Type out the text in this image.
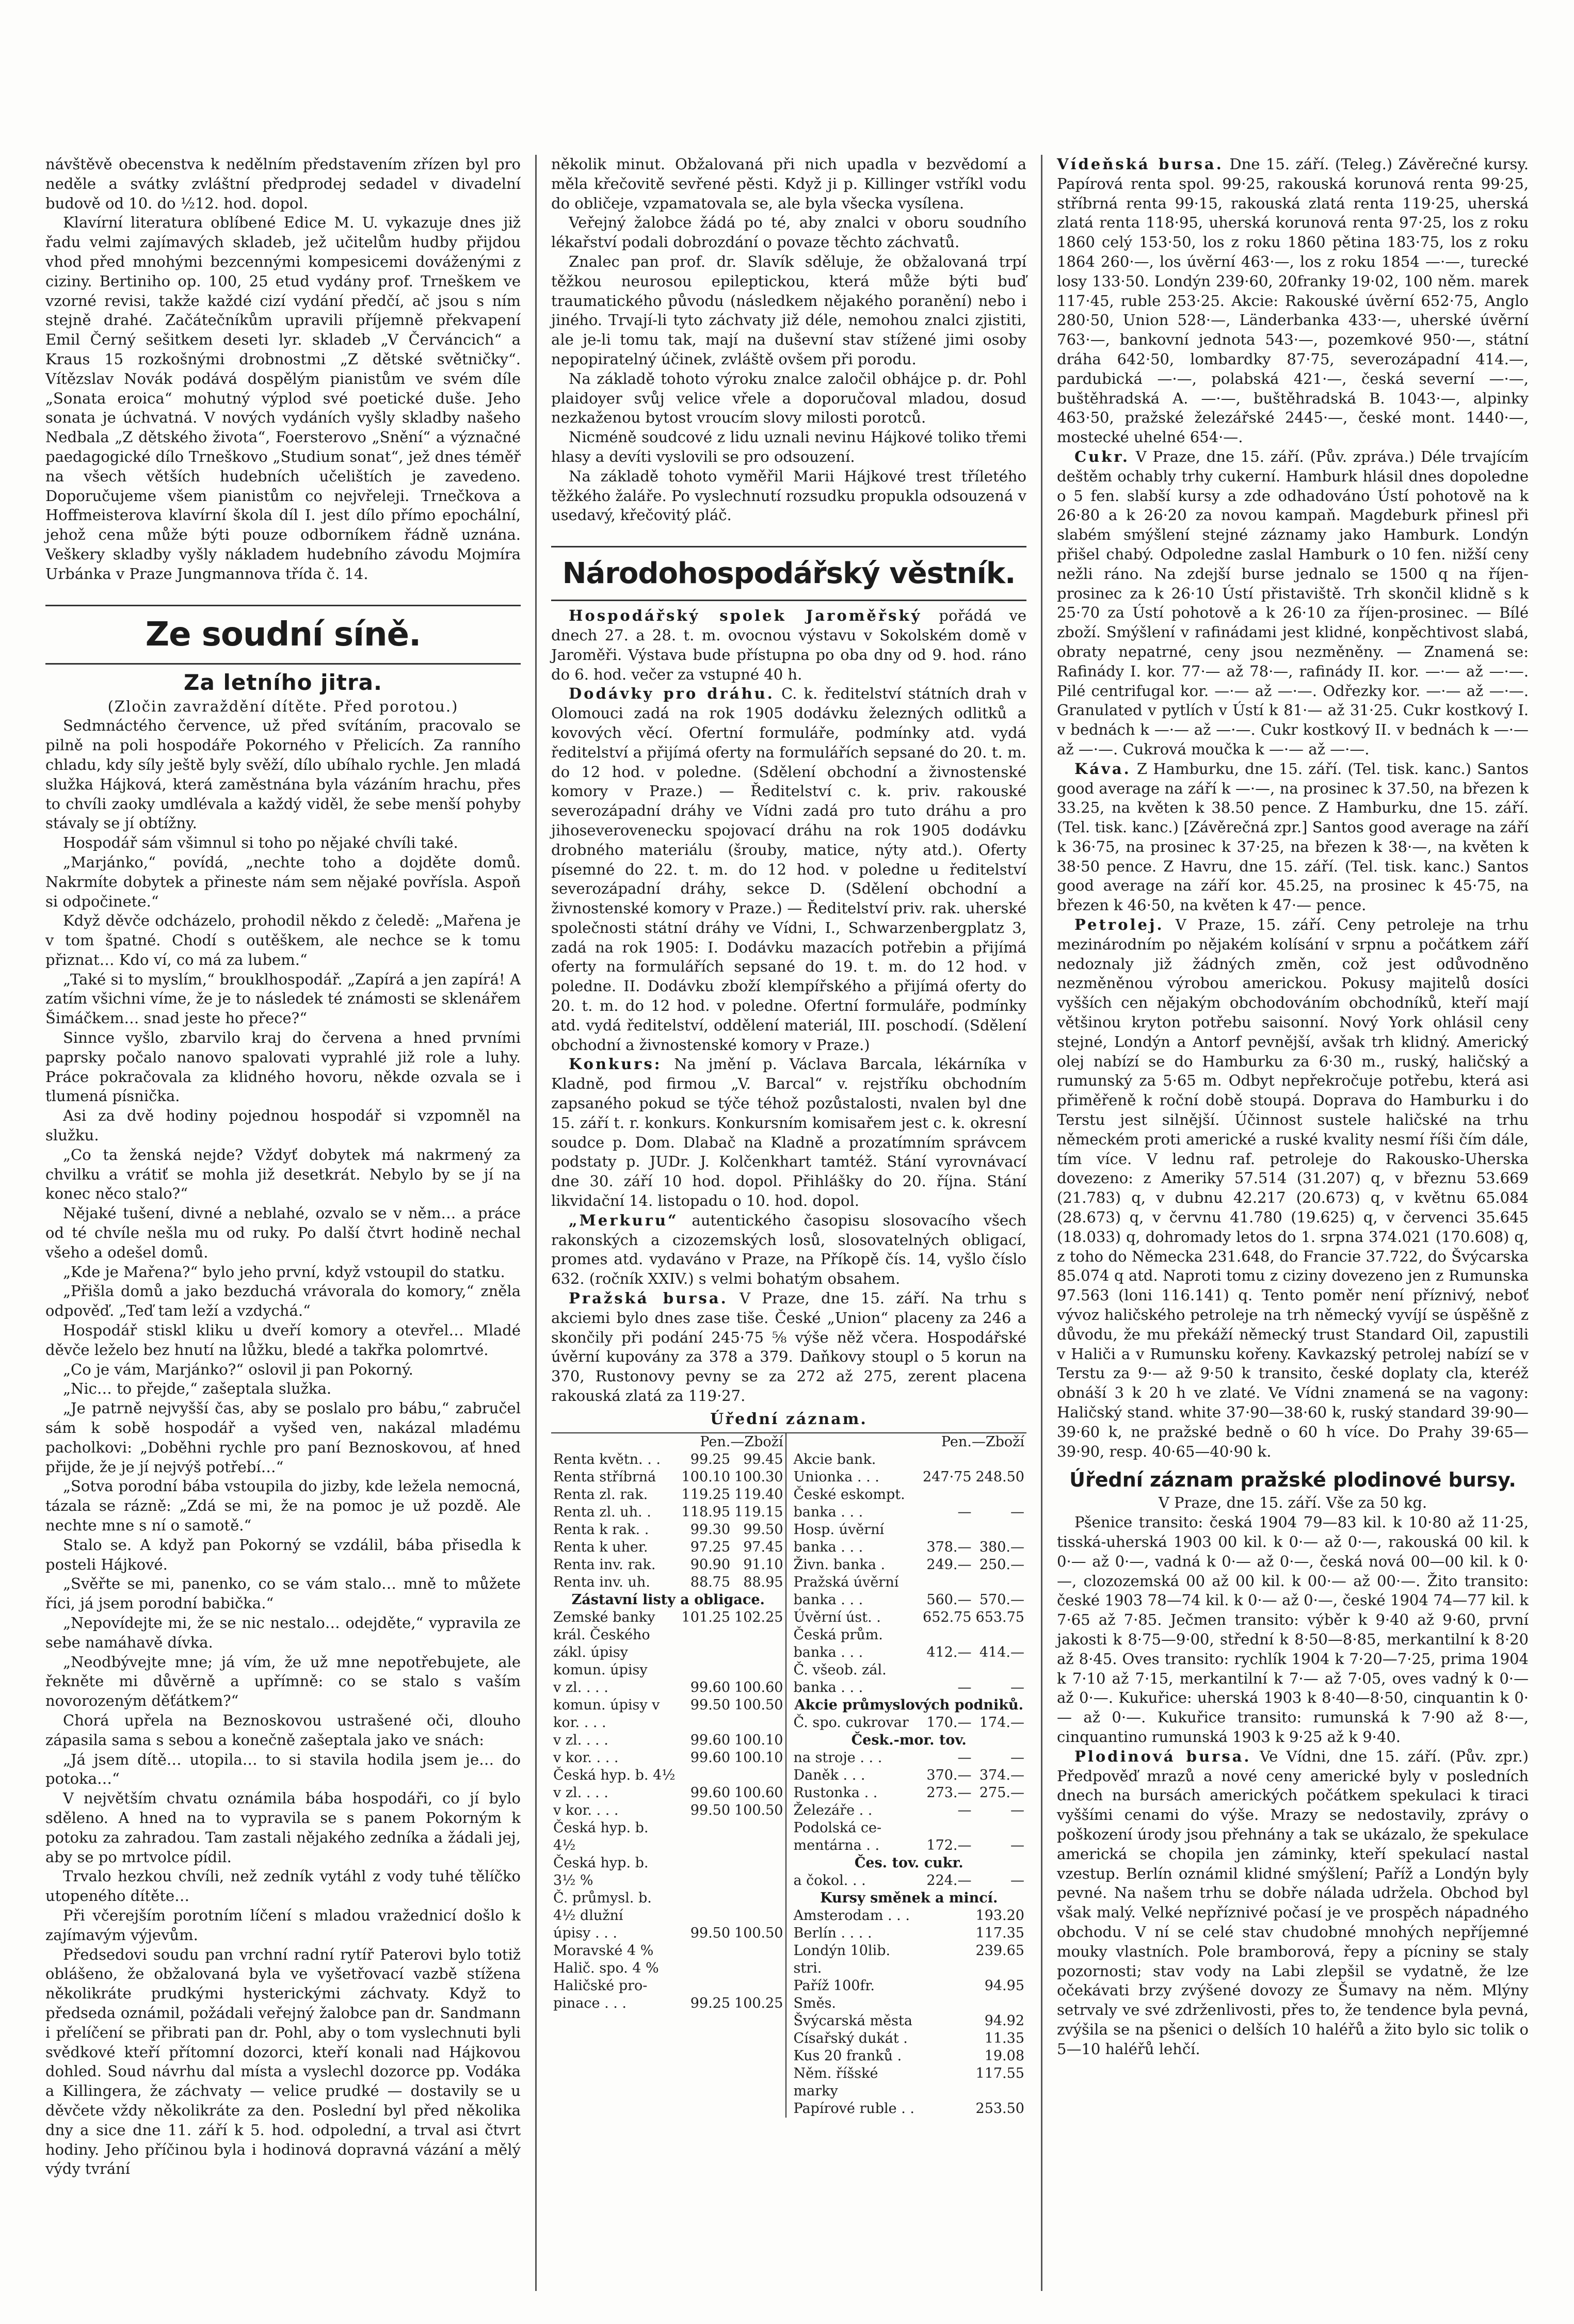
návštěvě obecenstva k nedělním představením zřízen byl pro neděle a svátky zvláštní předprodej sedadel v divadelní budově od 10. do ½12. hod. dopol.

Klavírní literatura oblíbené Edice M. U. vykazuje dnes již řadu velmi zajímavých skladeb, jež učitelům hudby přijdou vhod před mnohými bezcennými kompesicemi dováženými z ciziny. Bertiniho op. 100, 25 etud vydány prof. Trneškem ve vzorné revisi, takže každé cizí vydání předčí, ač jsou s ním stejně drahé. Začátečníkům upravili příjemně překvapení Emil Černý sešitkem deseti lyr. skladeb „V Červáncich“ a Kraus 15 rozkošnými drobnostmi „Z dětské světničky“. Vítězslav Novák podává dospělým pianistům ve svém díle „Sonata eroica“ mohutný výplod své poetické duše. Jeho sonata je úchvatná. V nových vydáních vyšly skladby našeho Nedbala „Z dětského života“, Foersterovo „Snění“ a význačné paedagogické dílo Trneškovo „Studium sonat“, jež dnes téměř na všech větších hudebních učelištích je zavedeno. Doporučujeme všem pianistům co nejvřeleji. Trnečkova a Hoffmeisterova klavírní škola díl I. jest dílo přímo epochální, jehož cena může býti pouze odborníkem řádně uznána. Veškery skladby vyšly nákladem hudebního závodu Mojmíra Urbánka v Praze Jungmannova třída č. 14.

Ze soudní síně.
Za letního jitra.

(Zločin zavraždění dítěte. Před porotou.)

Sedmnáctého července, už před svítáním, pracovalo se pilně na poli hospodáře Pokorného v Přelicích. Za ranního chladu, kdy síly ještě byly svěží, dílo ubíhalo rychle. Jen mladá služka Hájková, která zaměstnána byla vázáním hrachu, přes to chvíli zaoky umdlévala a každý viděl, že sebe menší pohyby stávaly se jí obtížny.

Hospodář sám všimnul si toho po nějaké chvíli také.

„Marjánko,“ povídá, „nechte toho a dojděte domů. Nakrmíte dobytek a přineste nám sem nějaké povřísla. Aspoň si odpočinete.“

Když děvče odcházelo, prohodil někdo z čeledě: „Mařena je v tom špatné. Chodí s outěškem, ale nechce se k tomu přiznat… Kdo ví, co má za lubem.“

„Také si to myslím,“ brouklhospodář. „Zapírá a jen zapírá! A zatím všichni víme, že je to následek té známosti se sklenářem Šimáčkem… snad jeste ho přece?“

Sinnce vyšlo, zbarvilo kraj do červena a hned prvními paprsky počalo nanovo spalovati vyprahlé již role a luhy. Práce pokračovala za klidného hovoru, někde ozvala se i tlumená písnička.

Asi za dvě hodiny pojednou hospodář si vzpomněl na služku.

„Co ta ženská nejde? Vždyť dobytek má nakrmený za chvilku a vrátiť se mohla již desetkrát. Nebylo by se jí na konec něco stalo?“

Nějaké tušení, divné a neblahé, ozvalo se v něm… a práce od té chvíle nešla mu od ruky. Po další čtvrt hodině nechal všeho a odešel domů.

„Kde je Mařena?“ bylo jeho první, když vstoupil do statku.

„Přišla domů a jako bezduchá vrávorala do komory,“ zněla odpověď. „Teď tam leží a vzdychá.“

Hospodář stiskl kliku u dveří komory a otevřel… Mladé děvče leželo bez hnutí na lůžku, bledé a takřka polomrtvé.

„Co je vám, Marjánko?“ oslovil ji pan Pokorný.

„Nic… to přejde,“ zašeptala služka.

„Je patrně nejvyšší čas, aby se poslalo pro bábu,“ zabručel sám k sobě hospodář a vyšed ven, nakázal mladému pacholkovi: „Doběhni rychle pro paní Beznoskovou, ať hned přijde, že je jí nejvýš potřebí…“

„Sotva porodní bába vstoupila do jizby, kde ležela nemocná, tázala se rázně: „Zdá se mi, že na pomoc je už pozdě. Ale nechte mne s ní o samotě.“

Stalo se. A když pan Pokorný se vzdálil, bába přisedla k posteli Hájkové.

„Svěřte se mi, panenko, co se vám stalo… mně to můžete říci, já jsem porodní babička.“

„Nepovídejte mi, že se nic nestalo… odejděte,“ vypravila ze sebe namáhavě dívka.

„Neodbývejte mne; já vím, že už mne nepotřebujete, ale řekněte mi důvěrně a upřímně: co se stalo s vaším novorozeným děťátkem?“

Chorá upřela na Beznoskovou ustrašené oči, dlouho zápasila sama s sebou a konečně zašeptala jako ve snách:

„Já jsem dítě… utopila… to si stavila hodila jsem je… do potoka…“

V největším chvatu oznámila bába hospodáři, co jí bylo sděleno. A hned na to vypravila se s panem Pokorným k potoku za zahradou. Tam zastali nějakého zedníka a žádali jej, aby se po mrtvolce pídil.

Trvalo hezkou chvíli, než zedník vytáhl z vody tuhé tělíčko utopeného dítěte…

Při včerejším porotním líčení s mladou vražednicí došlo k zajímavým výjevům.

Předsedovi soudu pan vrchní radní rytíř Paterovi bylo totiž oblášeno, že obžalovaná byla ve vyšetřovací vazbě stížena několikráte prudkými hysterickými záchvaty. Když to předseda oznámil, požádali veřejný žalobce pan dr. Sandmann i přelíčení se přibrati pan dr. Pohl, aby o tom vyslechnuti byli svědkové kteří přítomní dozorci, kteří konali nad Hájkovou dohled. Soud návrhu dal místa a vyslechl dozorce pp. Vodáka a Killingera, že záchvaty — velice prudké — dostavily se u děvčete vždy několikráte za den. Poslední byl před několika dny a sice dne 11. září k 5. hod. odpolední, a trval asi čtvrt hodiny. Jeho příčinou byla i hodinová dopravná vázání a mělý výdy tvrání

několik minut. Obžalovaná při nich upadla v bezvědomí a měla křečovitě sevřené pěsti. Když ji p. Killinger vstříkl vodu do obličeje, vzpamatovala se, ale byla všecka vysílena.

Veřejný žalobce žádá po té, aby znalci v oboru soudního lékařství podali dobrozdání o povaze těchto záchvatů.

Znalec pan prof. dr. Slavík sděluje, že obžalovaná trpí těžkou neurosou epileptickou, která může býti buď traumatického původu (následkem nějakého poranění) nebo i jiného. Trvají-li tyto záchvaty již déle, nemohou znalci zjistiti, ale je-li tomu tak, mají na duševní stav stížené jimi osoby nepopiratelný účinek, zvláště ovšem při porodu.

Na základě tohoto výroku znalce zaločil obhájce p. dr. Pohl plaidoyer svůj velice vřele a doporučoval mladou, dosud nezkaženou bytost vroucím slovy milosti porotců.

Nicméně soudcové z lidu uznali nevinu Hájkové toliko třemi hlasy a devíti vyslovili se pro odsouzení.

Na základě tohoto vyměřil Marii Hájkové trest tříletého těžkého žaláře. Po vyslechnutí rozsudku propukla odsouzená v usedavý, křečovitý pláč.

Národohospodářský věstník.

Hospodářský spolek Jaroměřský pořádá ve dnech 27. a 28. t. m. ovocnou výstavu v Sokolském domě v Jaroměři. Výstava bude přístupna po oba dny od 9. hod. ráno do 6. hod. večer za vstupné 40 h.

Dodávky pro dráhu. C. k. ředitelství státních drah v Olomouci zadá na rok 1905 dodávku železných odlitků a kovových věcí. Ofertní formuláře, podmínky atd. vydá ředitelství a přijímá oferty na formulářích sepsané do 20. t. m. do 12 hod. v poledne. (Sdělení obchodní a živnostenské komory v Praze.) — Ředitelství c. k. priv. rakouské severozápadní dráhy ve Vídni zadá pro tuto dráhu a pro jihoseverovenecku spojovací dráhu na rok 1905 dodávku drobného materiálu (šrouby, matice, nýty atd.). Oferty písemné do 22. t. m. do 12 hod. v poledne u ředitelství severozápadní dráhy, sekce D. (Sdělení obchodní a živnostenské komory v Praze.) — Ředitelství priv. rak. uherské společnosti státní dráhy ve Vídni, I., Schwarzenbergplatz 3, zadá na rok 1905: I. Dodávku mazacích potřebin a přijímá oferty na formulářích sepsané do 19. t. m. do 12 hod. v poledne. II. Dodávku zboží klempířského a přijímá oferty do 20. t. m. do 12 hod. v poledne. Ofertní formuláře, podmínky atd. vydá ředitelství, oddělení materiál, III. poschodí. (Sdělení obchodní a živnostenské komory v Praze.)

Konkurs: Na jmění p. Václava Barcala, lékárníka v Kladně, pod firmou „V. Barcal“ v. rejstříku obchodním zapsaného pokud se týče téhož pozůstalosti, nvalen byl dne 15. září t. r. konkurs. Konkursním komisařem jest c. k. okresní soudce p. Dom. Dlabač na Kladně a prozatímním správcem podstaty p. JUDr. J. Kolčenkhart tamtéž. Stání vyrovnávací dne 30. září 10 hod. dopol. Přihlášky do 20. října. Stání likvidační 14. listopadu o 10. hod. dopol.

„Merkuru“ autentického časopisu slosovacího všech rakonských a cizozemských losů, slosovatelných obligací, promes atd. vydaváno v Praze, na Příkopě čís. 14, vyšlo číslo 632. (ročník XXIV.) s velmi bohatým obsahem.

Pražská bursa. V Praze, dne 15. září. Na trhu s akciemi bylo dnes zase tiše. České „Union“ placeny za 246 a skončily při podání 245·75 ⅝ výše něž včera. Hospodářské úvěrní kupovány za 378 a 379. Daňkovy stoupl o 5 korun na 370, Rustonovy pevny se za 272 až 275, zerent placena rakouská zlatá za 119·27.

Úřední záznam.
	Pen.—Zboží	
Renta květn. . .	99.25	99.45
Renta stříbrná	100.10	100.30
Renta zl. rak.	119.25	119.40
Renta zl. uh. .	118.95	119.15
Renta k rak. .	99.30	99.50
Renta k uher.	97.25	97.45
Renta inv. rak.	90.90	91.10
Renta inv. uh.	88.75	88.95
Zástavní listy a obligace.		
Zemské banky král. Českého zákl. úpisy	101.25	102.25
komun. úpisy		
v zl. . . .	99.60	100.60
komun. úpisy v kor. . . .	99.50	100.50
v zl. . . .	99.60	100.10
v kor. . . .	99.60	100.10
Česká hyp. b. 4½		
v zl. . . .	99.60	100.60
v kor. . . .	99.50	100.50
Česká hyp. b.		
4½		
Česká hyp. b.		
3½ %		
Č. průmysl. b.		
4½ dlužní		
úpisy . . .	99.50	100.50
Moravské 4 %		
Halič. spo. 4 %		
Haličské pro-		
pinace . . .	99.25	100.25
	Pen.—Zboží	
Akcie bank.		
Unionka . . .	247·75	248.50
České eskompt.		
banka . . .	—	—
Hosp. úvěrní		
banka . . .	378.—	380.—
Živn. banka .	249.—	250.—
Pražská úvěrní		
banka . . .	560.—	570.—
Úvěrní úst. .	652.75	653.75
Česká prům.		
banka . . .	412.—	414.—
Č. všeob. zál.		
banka . . .	—	—
Akcie průmyslových podniků.		
Č. spo. cukrovar	170.—	174.—
Česk.-mor. tov.		
na stroje . . .	—	—
Daněk . . .	370.—	374.—
Rustonka . .	273.—	275.—
Železáře . .	—	—
Podolská ce-		
mentárna . .	172.—	—
Čes. tov. cukr.		
a čokol. . .	224.—	—
Kursy směnek a mincí.		
Amsterodam . . .		193.20
Berlín . . . .		117.35
Londýn 10lib. stri.		239.65
Paříž 100fr. Směs.		94.95
Švýcarská města		94.92
Císařský dukát .		11.35
Kus 20 franků .		19.08
Něm. říšské marky		117.55
Papírové ruble . .		253.50

Vídeňská bursa. Dne 15. září. (Teleg.) Závěrečné kursy. Papírová renta spol. 99·25, rakouská korunová renta 99·25, stříbrná renta 99·15, rakouská zlatá renta 119·25, uherská zlatá renta 118·95, uherská korunová renta 97·25, los z roku 1860 celý 153·50, los z roku 1860 pětina 183·75, los z roku 1864 260·—, los úvěrní 463·—, los z roku 1854 —·—, turecké losy 133·50. Londýn 239·60, 20franky 19·02, 100 něm. marek 117·45, ruble 253·25. Akcie: Rakouské úvěrní 652·75, Anglo 280·50, Union 528·—, Länderbanka 433·—, uherské úvěrní 763·—, bankovní jednota 543·—, pozemkové 950·—, státní dráha 642·50, lombardky 87·75, severozápadní 414.—, pardubická —·—, polabská 421·—, česká severní —·—, buštěhradská A. —·—, buštěhradská B. 1043·—, alpinky 463·50, pražské železářské 2445·—, české mont. 1440·—, mostecké uhelné 654·—.

Cukr. V Praze, dne 15. září. (Pův. zpráva.) Déle trvajícím deštěm ochably trhy cukerní. Hamburk hlásil dnes dopoledne o 5 fen. slabší kursy a zde odhadováno Ústí pohotově na k 26·80 a k 26·20 za novou kampaň. Magdeburk přinesl při slabém smýšlení stejné záznamy jako Hamburk. Londýn přišel chabý. Odpoledne zaslal Hamburk o 10 fen. nižší ceny nežli ráno. Na zdejší burse jednalo se 1500 q na říjen-prosinec za k 26·10 Ústí přistaviště. Trh skončil klidně s k 25·70 za Ústí pohotově a k 26·10 za říjen-prosinec. — Bílé zboží. Smýšlení v rafinádami jest klidné, konpěchtivost slabá, obraty nepatrné, ceny jsou nezměněny. — Znamená se: Rafinády I. kor. 77·— až 78·—, rafinády II. kor. —·— až —·—. Pilé centrifugal kor. —·— až —·—. Odřezky kor. —·— až —·—. Granulated v pytlích v Ústí k 81·— až 31·25. Cukr kostkový I. v bednách k —·— až —·—. Cukr kostkový II. v bednách k —·— až —·—. Cukrová moučka k —·— až —·—.

Káva. Z Hamburku, dne 15. září. (Tel. tisk. kanc.) Santos good average na září k —·—, na prosinec k 37.50, na březen k 33.25, na květen k 38.50 pence. Z Hamburku, dne 15. září. (Tel. tisk. kanc.) [Závěrečná zpr.] Santos good average na září k 36·75, na prosinec k 37·25, na březen k 38·—, na květen k 38·50 pence. Z Havru, dne 15. září. (Tel. tisk. kanc.) Santos good average na září kor. 45.25, na prosinec k 45·75, na březen k 46·50, na květen k 47·— pence.

Petrolej. V Praze, 15. září. Ceny petroleje na trhu mezinárodním po nějakém kolísání v srpnu a počátkem září nedoznaly již žádných změn, což jest odůvodněno nezměněnou výrobou americkou. Pokusy majitelů dosíci vyšších cen nějakým obchodováním obchodníků, kteří mají většinou kryton potřebu saisonní. Nový York ohlásil ceny stejné, Londýn a Antorf pevnější, avšak trh klidný. Americký olej nabízí se do Hamburku za 6·30 m., ruský, haličský a rumunský za 5·65 m. Odbyt nepřekročuje potřebu, která asi přiměřeně k roční době stoupá. Doprava do Hamburku i do Terstu jest silnější. Účinnost sustele haličské na trhu německém proti americké a ruské kvality nesmí říši čím dále, tím více. V lednu raf. petroleje do Rakousko-Uherska dovezeno: z Ameriky 57.514 (31.207) q, v březnu 53.669 (21.783) q, v dubnu 42.217 (20.673) q, v květnu 65.084 (28.673) q, v červnu 41.780 (19.625) q, v červenci 35.645 (18.033) q, dohromady letos do 1. srpna 374.021 (170.608) q, z toho do Německa 231.648, do Francie 37.722, do Švýcarska 85.074 q atd. Naproti tomu z ciziny dovezeno jen z Rumunska 97.563 (loni 116.141) q. Tento poměr není příznivý, neboť vývoz haličského petroleje na trh německý vyvíjí se úspěšně z důvodu, že mu překáží německý trust Standard Oil, zapustili v Haliči a v Rumunsku kořeny. Kavkazský petrolej nabízí se v Terstu za 9·— až 9·50 k transito, české doplaty cla, kteréž obnáší 3 k 20 h ve zlaté. Ve Vídni znamená se na vagony: Haličský stand. white 37·90—38·60 k, ruský standard 39·90—39·60 k, ne pražské bedně o 60 h více. Do Prahy 39·65—39·90, resp. 40·65—40·90 k.

Úřední záznam pražské plodinové bursy.

V Praze, dne 15. září. Vše za 50 kg.

Pšenice transito: česká 1904 79—83 kil. k 10·80 až 11·25, tisská-uherská 1903 00 kil. k 0·— až 0·—, rakouská 00 kil. k 0·— až 0·—, vadná k 0·— až 0·—, česká nová 00—00 kil. k 0·—, clozozemská 00 až 00 kil. k 00·— až 00·—. Žito transito: české 1903 78—74 kil. k 0·— až 0·—, české 1904 74—77 kil. k 7·65 až 7·85. Ječmen transito: výběr k 9·40 až 9·60, první jakosti k 8·75—9·00, střední k 8·50—8·85, merkantilní k 8·20 až 8·45. Oves transito: rychlík 1904 k 7·20—7·25, prima 1904 k 7·10 až 7·15, merkantilní k 7·— až 7·05, oves vadný k 0·— až 0·—. Kukuřice: uherská 1903 k 8·40—8·50, cinquantin k 0·— až 0·—. Kukuřice transito: rumunská k 7·90 až 8·—, cinquantino rumunská 1903 k 9·25 až k 9·40.

Plodinová bursa. Ve Vídni, dne 15. září. (Pův. zpr.) Předpověď mrazů a nové ceny americké byly v posledních dnech na bursách amerických počátkem spekulaci k tiraci vyššími cenami do výše. Mrazy se nedostavily, zprávy o poškození úrody jsou přehnány a tak se ukázalo, že spekulace americká se chopila jen záminky, kteří spekulací nastal vzestup. Berlín oznámil klidné smýšlení; Paříž a Londýn byly pevné. Na našem trhu se dobře nálada udržela. Obchod byl však malý. Velké nepříznivé počasí je ve prospěch nápadného obchodu. V ní se celé stav chudobné mnohých nepříjemné mouky vlastních. Pole bramborová, řepy a pícniny se staly pozornosti; stav vody na Labi zlepšil se vydatně, že lze očekávati brzy zvýšené dovozy ze Šumavy na něm. Mlýny setrvaly ve své zdrženlivosti, přes to, že tendence byla pevná, zvýšila se na pšenici o delších 10 haléřů a žito bylo sic tolik o 5—10 haléřů lehčí.
